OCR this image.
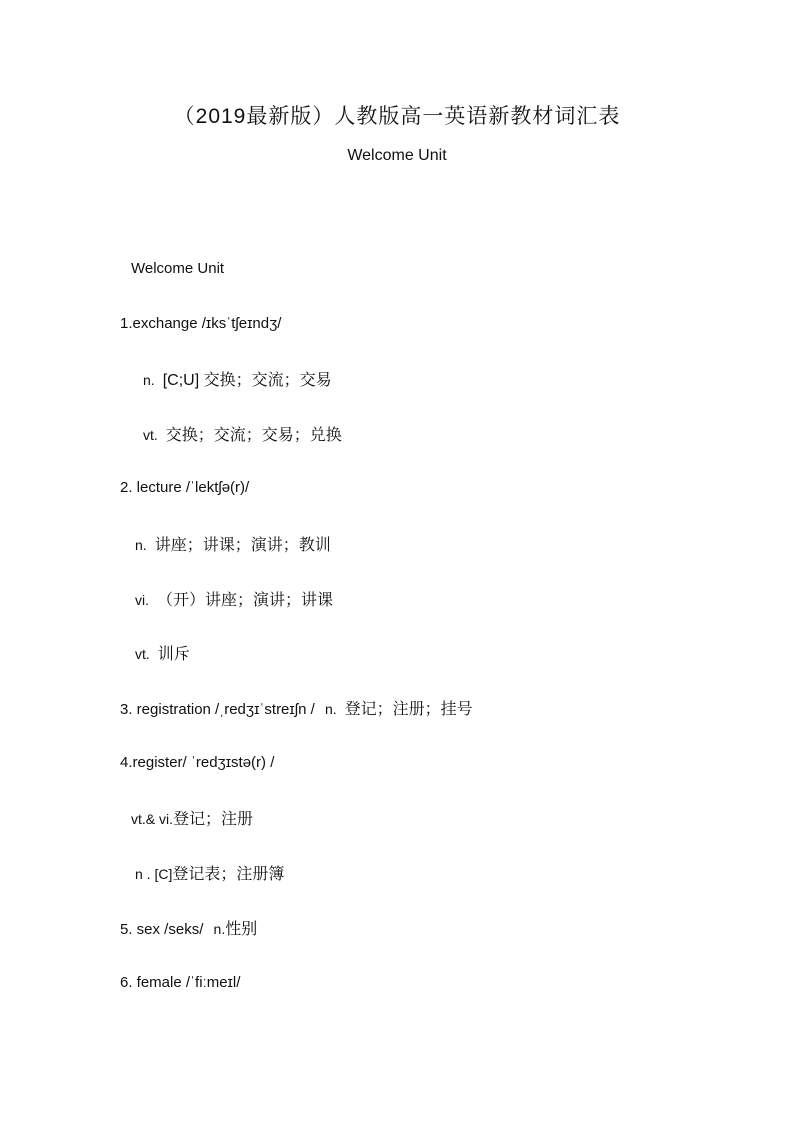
（2019最新版）人教版高一英语新教材词汇表
Welcome Unit
Welcome Unit
1.exchange /ɪksˈtʃeɪndʒ/
n. [C;U] 交换；交流；交易
vt. 交换；交流；交易；兑换
2. lecture /ˈlektʃə(r)/
n. 讲座；讲课；演讲；教训
vi. （开）讲座；演讲；讲课
vt. 训斥
3. registration /ˌredʒɪˈstreɪʃn / n. 登记；注册；挂号
4.register/ ˈredʒɪstə(r) /
vt.& vi.登记；注册
n . [C]登记表；注册簿
5. sex /seks/ n.性别
6. female /ˈfiːmeɪl/
